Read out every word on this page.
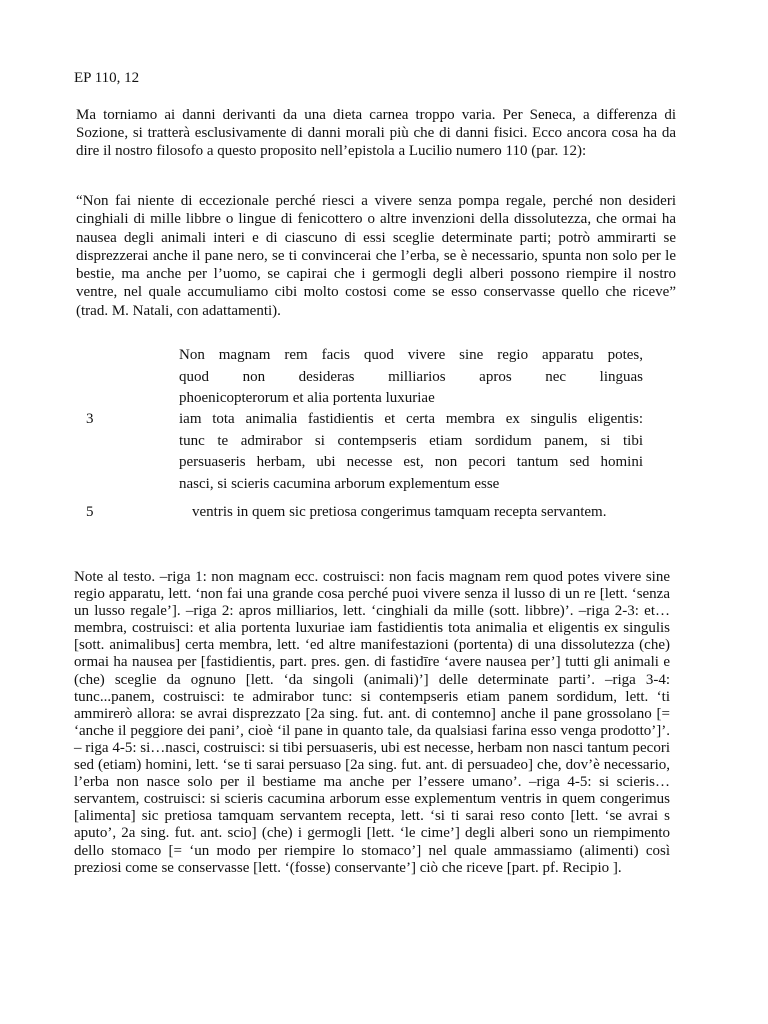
EP 110, 12

Ma torniamo ai danni derivanti da una dieta carnea troppo varia. Per Seneca, a differenza di Sozione, si tratterà esclusivamente di danni morali più che di danni fisici. Ecco ancora cosa ha da dire il nostro filosofo a questo proposito nell’epistola a Lucilio numero 110 (par. 12):

“Non fai niente di eccezionale perché riesci a vivere senza pompa regale, perché non desideri cinghiali di mille libbre o lingue di fenicottero o altre invenzioni della dissolutezza, che ormai ha nausea degli animali interi e di ciascuno di essi sceglie determinate parti; potrò ammirarti se disprezzerai anche il pane nero, se ti convincerai che l’erba, se è necessario, spunta non solo per le bestie, ma anche per l’uomo, se capirai che i germogli degli alberi possono riempire il nostro ventre, nel quale accumuliamo cibi molto costosi come se esso conservasse quello che riceve” (trad. M. Natali, con adattamenti).

Non magnam rem facis quod vivere sine regio apparatu potes,
quod non desideras milliarios apros nec linguas
phoenicopterorum et alia portenta luxuriae
3	iam tota animalia fastidientis et certa membra ex singulis eligentis:
tunc te admirabor si contempseris etiam sordidum panem, si tibi
persuaseris herbam, ubi necesse est, non pecori tantum sed homini
nasci, si scieris cacumina arborum explementum esse
5	ventris in quem sic pretiosa congerimus tamquam recepta servantem.

Note al testo. –riga 1: non magnam ecc. costruisci: non facis magnam rem quod potes vivere sine regio apparatu, lett. ‘non fai una grande cosa perché puoi vivere senza il lusso di un re [lett. ‘senza un lusso regale’]. –riga 2: apros milliarios, lett. ‘cinghiali da mille (sott. libbre)’. –riga 2-3: et…membra, costruisci: et alia portenta luxuriae iam fastidientis tota animalia et eligentis ex singulis [sott. animalibus] certa membra, lett. ‘ed altre manifestazioni (portenta) di una dissolutezza (che) ormai ha nausea per [fastidientis, part. pres. gen. di fastidīre ‘avere nausea per’] tutti gli animali e (che) sceglie da ognuno [lett. ‘da singoli (animali)’] delle determinate parti’. –riga 3-4: tunc...panem, costruisci: te admirabor tunc: si contempseris etiam panem sordidum, lett. ‘ti ammirerò allora: se avrai disprezzato [2a sing. fut. ant. di contemno] anche il pane grossolano [= ‘anche il peggiore dei pani’, cioè ‘il pane in quanto tale, da qualsiasi farina esso venga prodotto’]’. – riga 4-5: si…nasci, costruisci: si tibi persuaseris, ubi est necesse, herbam non nasci tantum pecori sed (etiam) homini, lett. ‘se ti sarai persuaso [2a sing. fut. ant. di persuadeo] che, dov’è necessario, l’erba non nasce solo per il bestiame ma anche per l’essere umano’. –riga 4-5: si scieris…servantem, costruisci: si scieris cacumina arborum esse explementum ventris in quem congerimus [alimenta] sic pretiosa tamquam servantem recepta, lett. ‘si ti sarai reso conto [lett. ‘se avrai s aputo’, 2a sing. fut. ant. scio] (che) i germogli [lett. ‘le cime’] degli alberi sono un riempimento dello stomaco [= ‘un modo per riempire lo stomaco’] nel quale ammassiamo (alimenti) così preziosi come se conservasse [lett. ‘(fosse) conservante’] ciò che riceve [part. pf. Recipio ].
